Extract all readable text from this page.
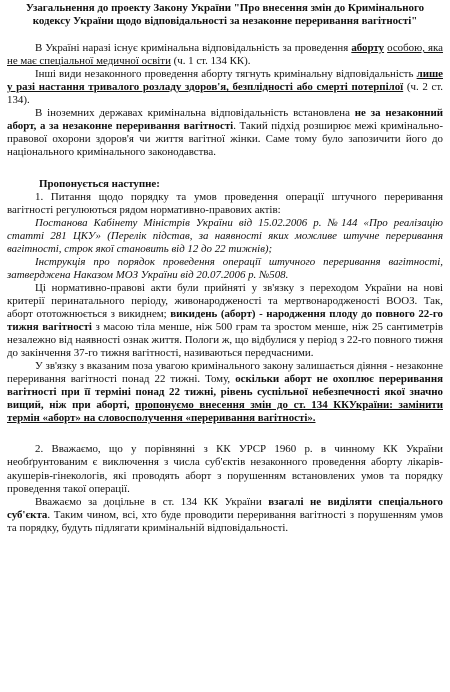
Узагальнення до проекту Закону України "Про внесення змін до Кримінального кодексу України щодо відповідальності за незаконне переривання вагітності"

В Україні наразі існує кримінальна відповідальність за проведення аборту особою, яка не має спеціальної медичної освіти (ч. 1 ст. 134 КК).

Інші види незаконного проведення аборту тягнуть кримінальну відповідальність лише у разі настання тривалого розладу здоров'я, безплідності або смерті потерпілої (ч. 2 ст. 134).

В іноземних державах кримінальна відповідальність встановлена не за незаконний аборт, а за незаконне переривання вагітності. Такий підхід розширює межі кримінально-правової охорони здоров'я чи життя вагітної жінки. Саме тому було запозичити його до національного кримінального законодавства.

Пропонується наступне:

1. Питання щодо порядку та умов проведення операції штучного переривання вагітності регулюються рядом нормативно-правових актів:

Постанова Кабінету Міністрів України від 15.02.2006 р. №144 «Про реалізацію статті 281 ЦКУ» (Перелік підстав, за наявності яких можливе штучне переривання вагітності, строк якої становить від 12 до 22 тижнів);

Інструкція про порядок проведення операції штучного переривання вагітності, затверджена Наказом МОЗ України від 20.07.2006 р. №508.

Ці нормативно-правові акти були прийняті у зв'язку з переходом України на нові критерії перинатального періоду, живонародженості та мертвонародженості ВООЗ. Так, аборт ототожнюється з викиднем; викидень (аборт) - народження плоду до повного 22-го тижня вагітності з масою тіла менше, ніж 500 грам та зростом менше, ніж 25 сантиметрів незалежно від наявності ознак життя. Пологи ж, що відбулися у період з 22-го повного тижня до закінчення 37-го тижня вагітності, називаються передчасними.

У зв'язку з вказаним поза увагою кримінального закону залишається діяння - незаконне переривання вагітності понад 22 тижні. Тому, оскільки аборт не охоплює переривання вагітності при її терміні понад 22 тижні, рівень суспільної небезпечності якої значно вищий, ніж при аборті, пропонуємо внесення змін до ст. 134 ККУкраїни: замінити термін «аборт» на словосполучення «переривання вагітності».

2. Вважаємо, що у порівнянні з КК УРСР 1960 р. в чинному КК України необґрунтованим є виключення з числа суб'єктів незаконного проведення аборту лікарів-акушерів-гінекологів, які проводять аборт з порушенням встановлених умов та порядку проведення такої операції.

Вважаємо за доцільне в ст. 134 КК України взагалі не виділяти спеціального суб'єкта. Таким чином, всі, хто буде проводити переривання вагітності з порушенням умов та порядку, будуть підлягати кримінальній відповідальності.
